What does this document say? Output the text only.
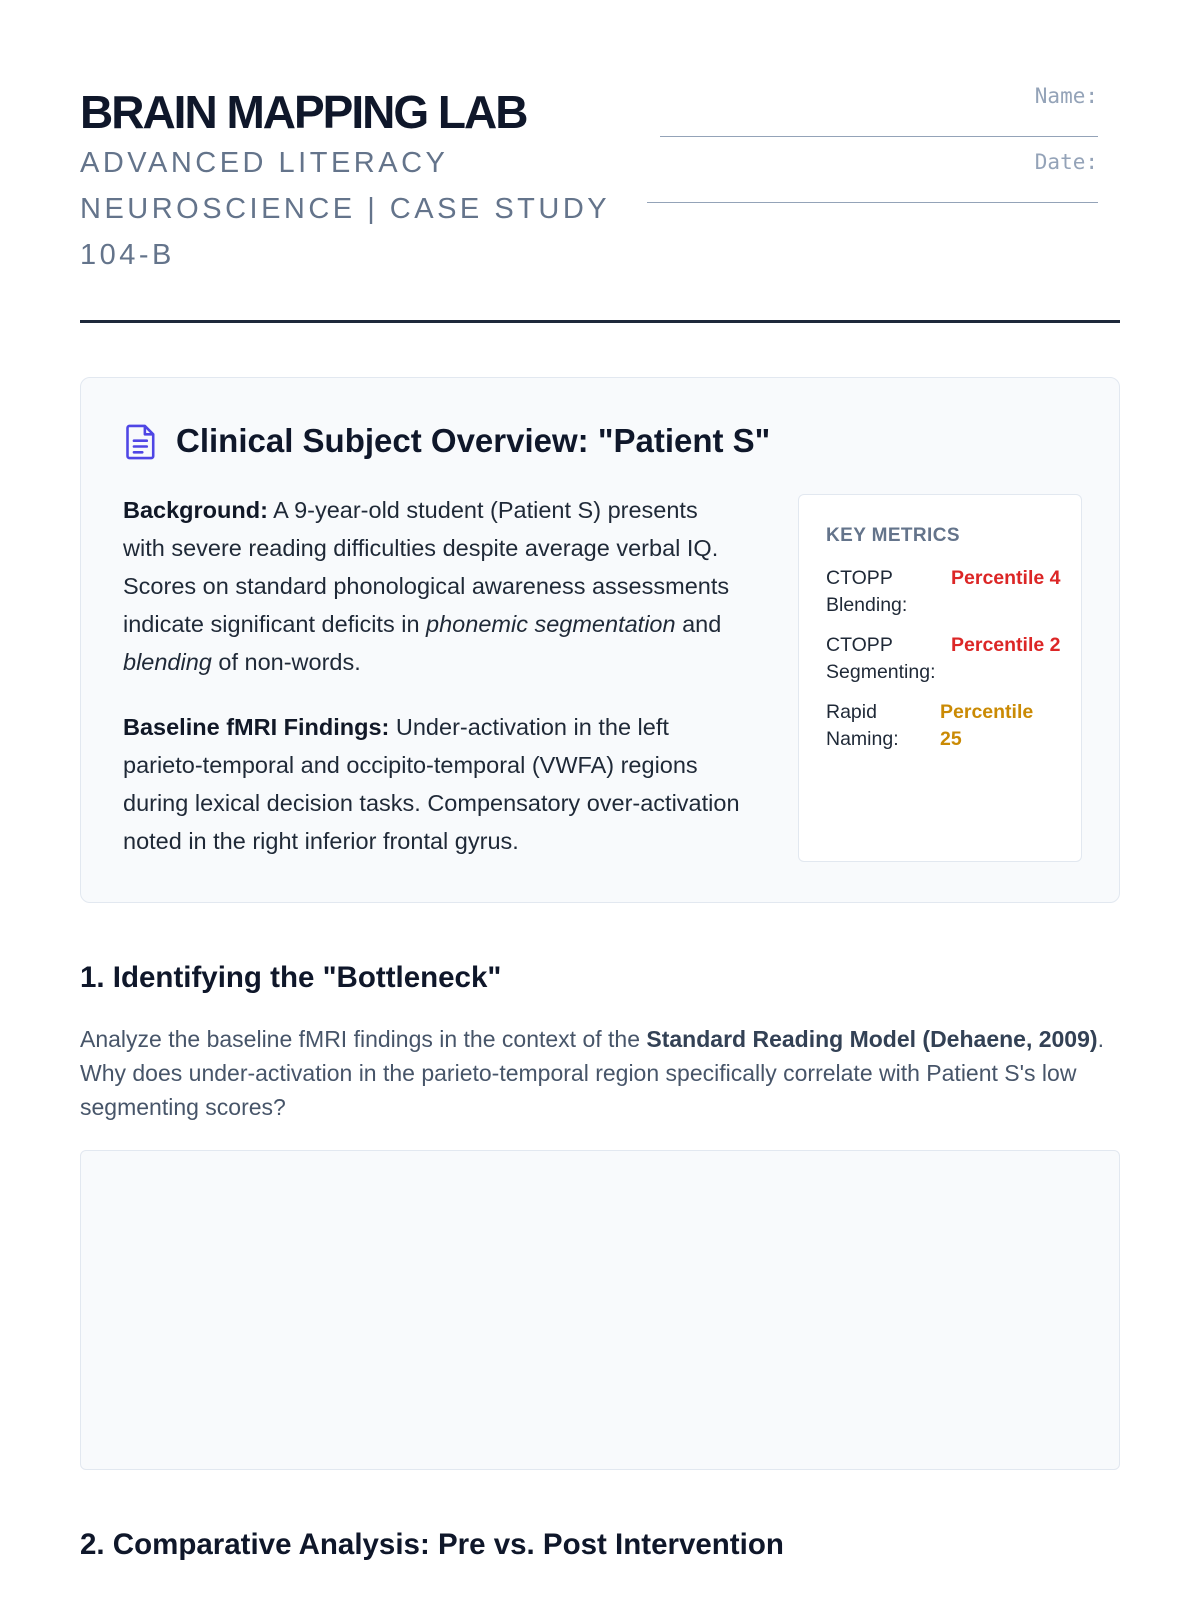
BRAIN MAPPING LAB
ADVANCED LITERACY NEUROSCIENCE | CASE STUDY 104-B
Name:
Date:
Clinical Subject Overview: "Patient S"

Background: A 9-year-old student (Patient S) presents with severe reading difficulties despite average verbal IQ. Scores on standard phonological awareness assessments indicate significant deficits in phonemic segmentation and blending of non-words.

Baseline fMRI Findings: Under-activation in the left parieto-temporal and occipito-temporal (VWFA) regions during lexical decision tasks. Compensatory over-activation noted in the right inferior frontal gyrus.

KEY METRICS
CTOPP Blending:
Percentile 4
CTOPP Segmenting:
Percentile 2
Rapid Naming:
Percentile 25
1. Identifying the "Bottleneck"
Analyze the baseline fMRI findings in the context of the Standard Reading Model (Dehaene, 2009). Why does under-activation in the parieto-temporal region specifically correlate with Patient S's low segmenting scores?
2. Comparative Analysis: Pre vs. Post Intervention
